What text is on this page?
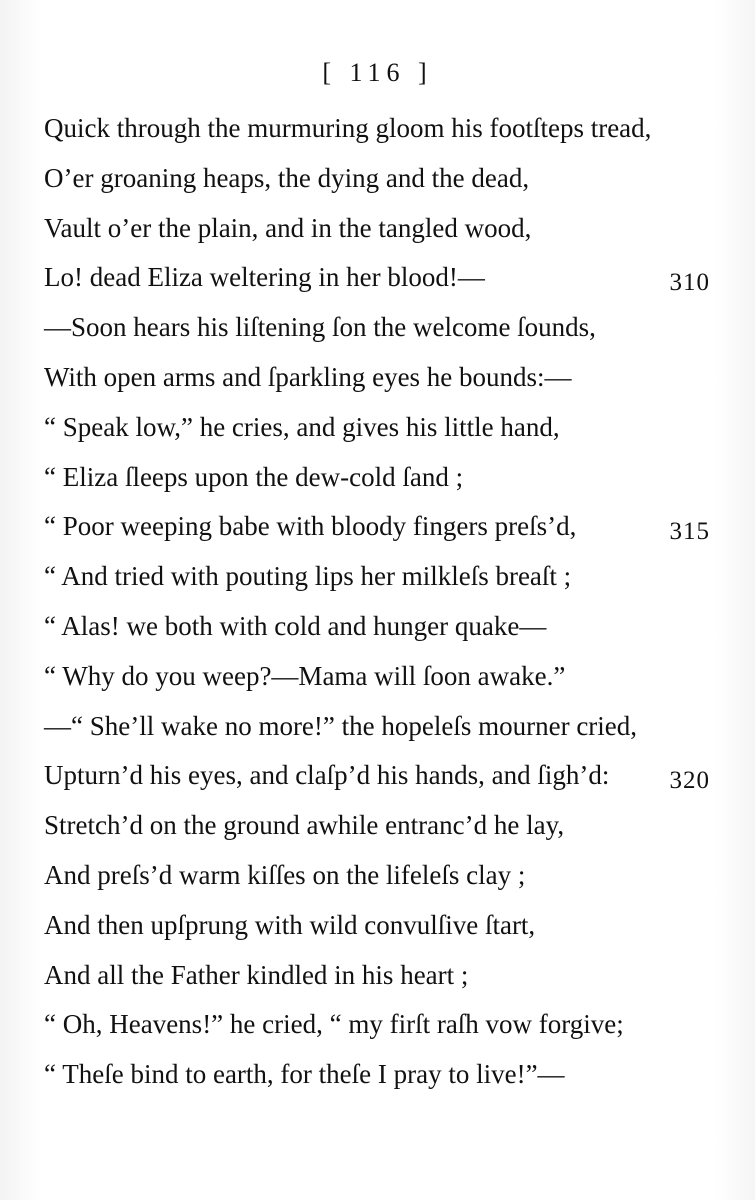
[ 116 ]
Quick through the murmuring gloom his footſteps tread,
O’er groaning heaps, the dying and the dead,
Vault o’er the plain, and in the tangled wood,
Lo! dead Eliza weltering in her blood!—	310
—Soon hears his liſtening ſon the welcome ſounds,
With open arms and ſparkling eyes he bounds:—
“ Speak low,” he cries, and gives his little hand,
“ Eliza ſleeps upon the dew-cold ſand ;
“ Poor weeping babe with bloody fingers preſs’d,	315
“ And tried with pouting lips her milkleſs breaſt ;
“ Alas! we both with cold and hunger quake—
“ Why do you weep?—Mama will ſoon awake.”
—“ She’ll wake no more!” the hopeleſs mourner cried,
Upturn’d his eyes, and claſp’d his hands, and ſigh’d: 320
Stretch’d on the ground awhile entranc’d he lay,
And preſs’d warm kiſſes on the lifeleſs clay ;
And then upſprung with wild convulſive ſtart,
And all the Father kindled in his heart ;
“ Oh, Heavens!” he cried, “ my firſt raſh vow forgive;
“ Theſe bind to earth, for theſe I pray to live!”—
